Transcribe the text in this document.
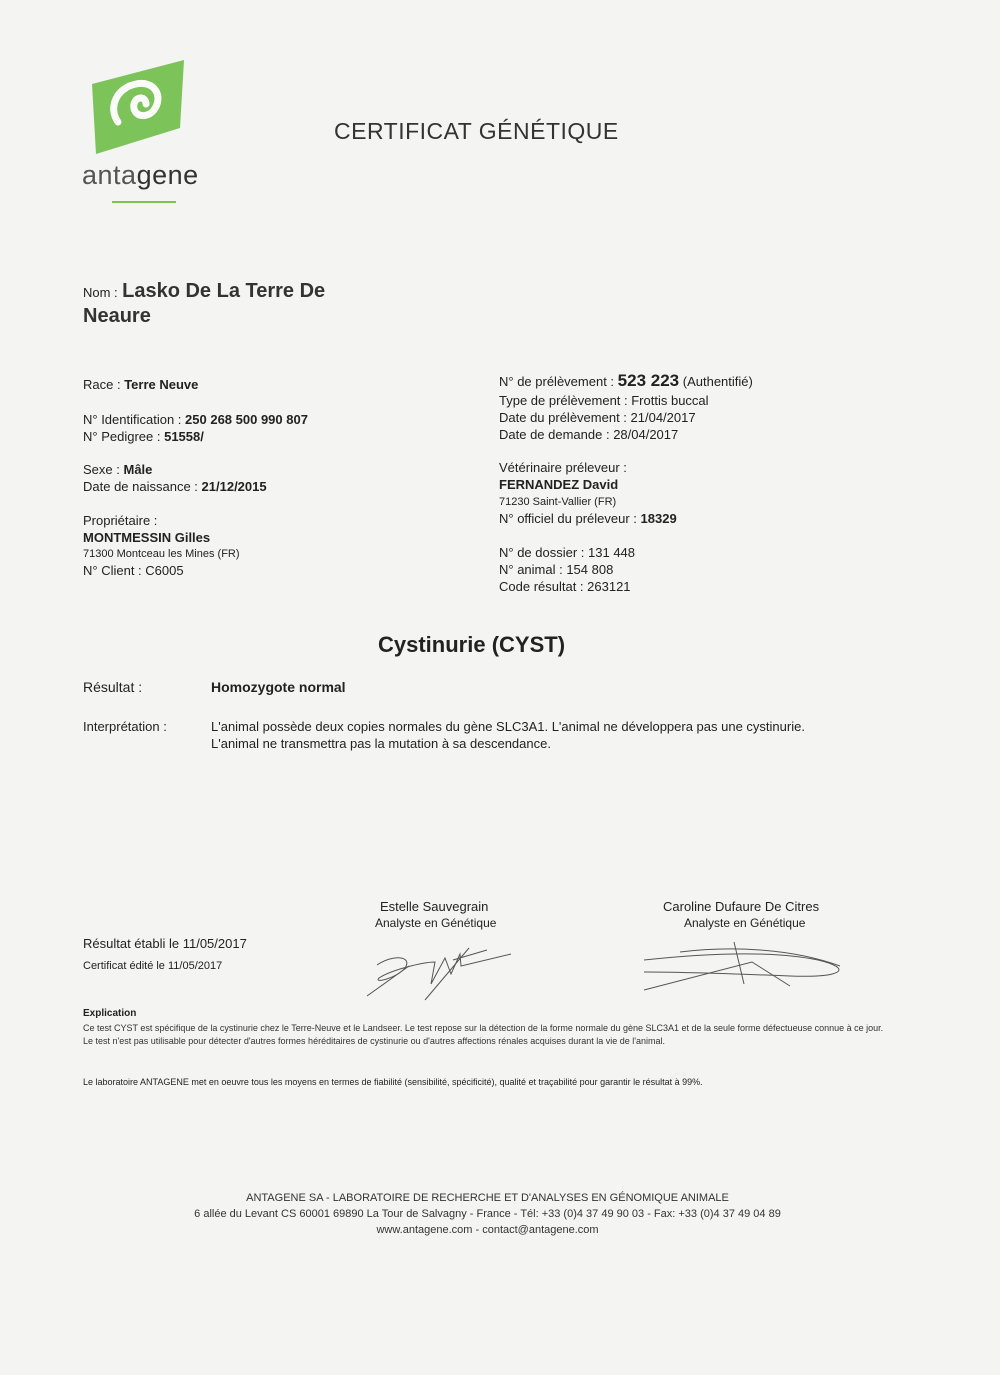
antagene
CERTIFICAT GÉNÉTIQUE
Nom : Lasko De La Terre De
Neaure
Race : Terre Neuve
N° Identification : 250 268 500 990 807
N° Pedigree : 51558/
Sexe : Mâle
Date de naissance : 21/12/2015
Propriétaire :
MONTMESSIN Gilles
71300 Montceau les Mines (FR)
N° Client : C6005
N° de prélèvement : 523 223 (Authentifié)
Type de prélèvement : Frottis buccal
Date du prélèvement : 21/04/2017
Date de demande : 28/04/2017
Vétérinaire préleveur :
FERNANDEZ David
71230 Saint-Vallier (FR)
N° officiel du préleveur : 18329
N° de dossier : 131 448
N° animal : 154 808
Code résultat : 263121
Cystinurie (CYST)
Résultat :	Homozygote normal
Interprétation :	L'animal possède deux copies normales du gène SLC3A1. L'animal ne développera pas une cystinurie.
L'animal ne transmettra pas la mutation à sa descendance.
Estelle Sauvegrain
Analyste en Génétique
Caroline Dufaure De Citres
Analyste en Génétique
Résultat établi le 11/05/2017
Certificat édité le 11/05/2017
Explication
Ce test CYST est spécifique de la cystinurie chez le Terre-Neuve et le Landseer. Le test repose sur la détection de la forme normale du gène SLC3A1 et de la seule forme défectueuse connue à ce jour. Le test n'est pas utilisable pour détecter d'autres formes héréditaires de cystinurie ou d'autres affections rénales acquises durant la vie de l'animal.
Le laboratoire ANTAGENE met en oeuvre tous les moyens en termes de fiabilité (sensibilité, spécificité), qualité et traçabilité pour garantir le résultat à 99%.
ANTAGENE SA - LABORATOIRE DE RECHERCHE ET D'ANALYSES EN GÉNOMIQUE ANIMALE
6 allée du Levant CS 60001 69890 La Tour de Salvagny - France - Tél: +33 (0)4 37 49 90 03 - Fax: +33 (0)4 37 49 04 89
www.antagene.com - contact@antagene.com
